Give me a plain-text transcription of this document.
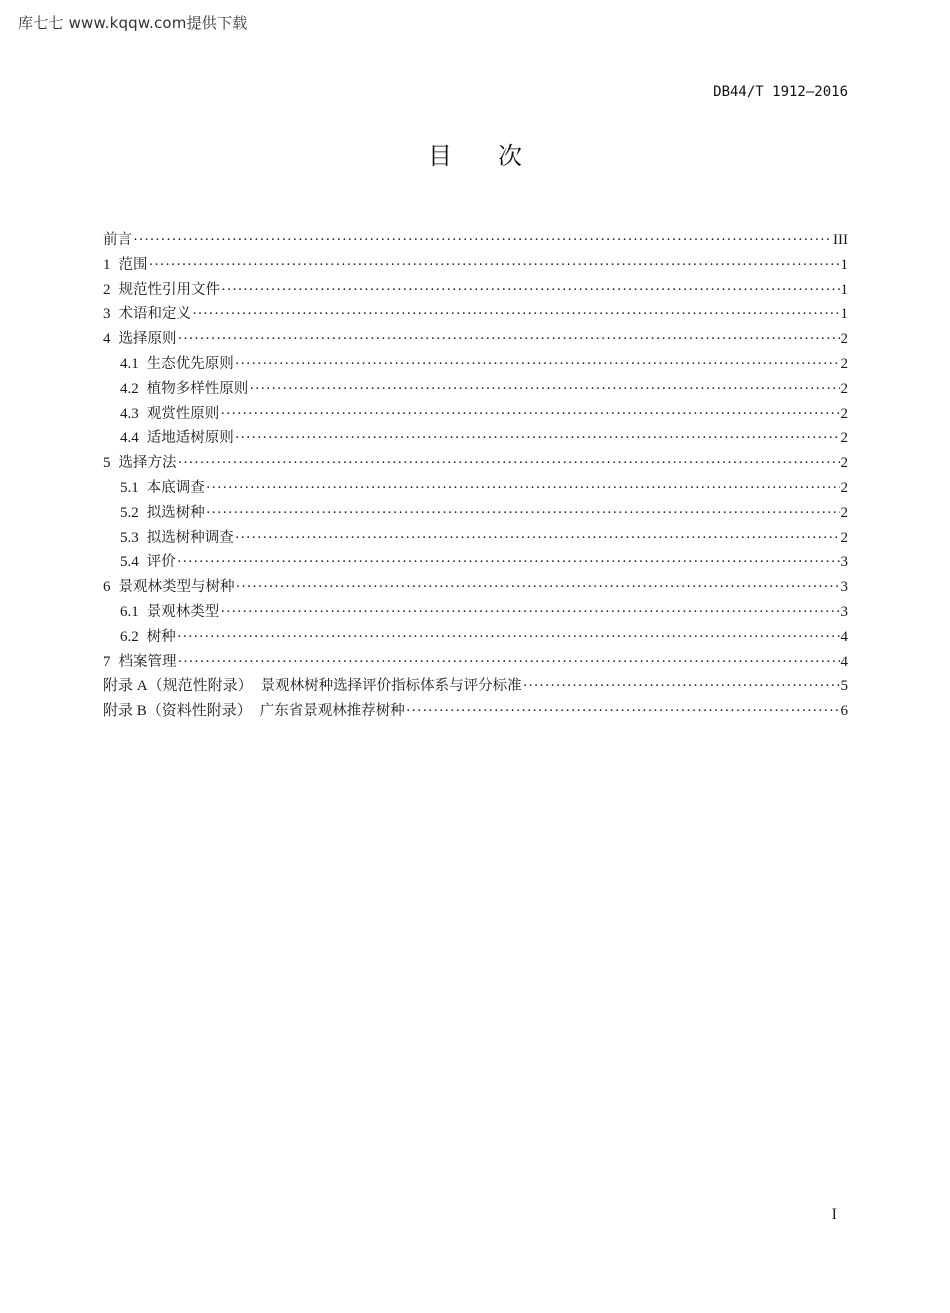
库七七 www.kqqw.com提供下载
DB44/T 1912—2016
目次
前言 ·····	III
1 范围 ·····	1
2 规范性引用文件 ·····	1
3 术语和定义 ·····	1
4 选择原则 ·····	2
4.1 生态优先原则 ·····	2
4.2 植物多样性原则 ·····	2
4.3 观赏性原则 ·····	2
4.4 适地适树原则 ·····	2
5 选择方法 ·····	2
5.1 本底调查 ·····	2
5.2 拟选树种 ·····	2
5.3 拟选树种调查 ·····	2
5.4 评价 ·····	3
6 景观林类型与树种 ·····	3
6.1 景观林类型 ·····	3
6.2 树种 ·····	4
7 档案管理 ·····	4
附录 A（规范性附录） 景观林树种选择评价指标体系与评分标准 ·····	5
附录 B（资料性附录） 广东省景观林推荐树种 ·····	6
I
